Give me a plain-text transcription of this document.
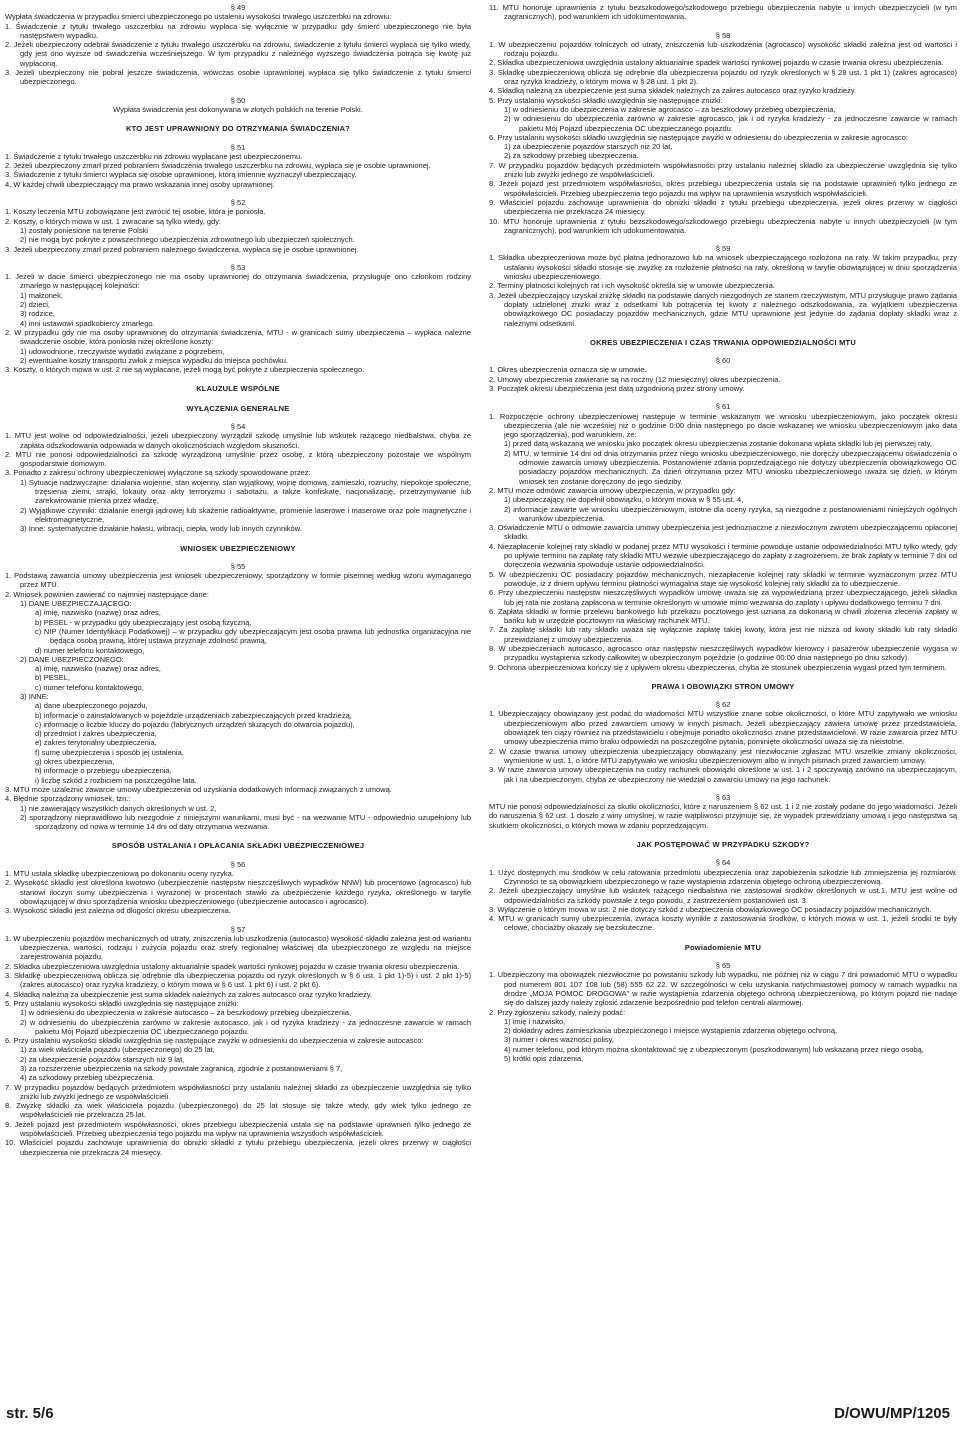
§ 49
Wypłata świadczenia w przypadku śmierci ubezpieczonego po ustaleniu wysokości trwałego uszczerbku na zdrowiu:
1. Świadczenie z tytułu trwałego uszczerbku na zdrowiu wypłaca się wyłącznie w przypadku gdy śmierć ubezpieczonego nie była następstwem wypadku.
2. Jeżeli ubezpieczony odebrał świadczenie z tytułu trwałego uszczerbku na zdrowiu, świadczenie z tytułu śmierci wypłaca się tylko wtedy, gdy jest ono wyższe od świadczenia wcześniejszego. W tym przypadku z należnego wyższego świadczenia potrąca się kwotę już wypłaconą.
3. Jeżeli ubezpieczony nie pobrał jeszcze świadczenia, wówczas osobie uprawnionej wypłaca się tylko świadczenie z tytułu śmierci ubezpieczonego.
§ 50
Wypłata świadczenia jest dokonywana w złotych polskich na terenie Polski.
KTO JEST UPRAWNIONY DO OTRZYMANIA ŚWIADCZENIA?
§ 51
1. Świadczenie z tytułu trwałego uszczerbku na zdrowiu wypłacane jest ubezpieczonemu.
2. Jeżeli ubezpieczony zmarł przed pobraniem świadczenia trwałego uszczerbku na zdrowiu, wypłaca się je osobie uprawnionej.
3. Świadczenie z tytułu śmierci wypłaca się osobie uprawnionej, którą imiennie wyznaczył ubezpieczający.
4. W każdej chwili ubezpieczający ma prawo wskazania innej osoby uprawnionej.
§ 52
1. Koszty leczenia MTU zobowiązane jest zwrócić tej osobie, która je poniosła.
2. Koszty, o których mowa w ust. 1 zwracane są tylko wtedy, gdy:
1) zostały poniesione na terenie Polski
2) nie mogą być pokryte z powszechnego ubezpieczenia zdrowotnego lub ubezpieczeń społecznych.
3. Jeżeli ubezpieczony zmarł przed pobraniem należnego świadczenia, wypłaca się je osobie uprawnionej.
§ 53
1. Jeżeli w dacie śmierci ubezpieczonego nie ma osoby uprawnionej do otrzymania świadczenia, przysługuje ono członkom rodziny zmarłego w następującej kolejności:
1) małżonek,
2) dzieci,
3) rodzice,
4) inni ustawowi spadkobiercy zmarłego.
2. W przypadku gdy nie ma osoby uprawnionej do otrzymania świadczenia, MTU - w granicach sumy ubezpieczenia – wypłaca należne świadczenie osobie, która poniosła niżej określone koszty:
1) udowodnione, rzeczywiste wydatki związane z pogrzebem,
2) ewentualne koszty transportu zwłok z miejsca wypadku do miejsca pochówku.
3. Koszty, o których mowa w ust. 2 nie są wypłacane, jeżeli mogą być pokryte z ubezpieczenia społecznego.
KLAUZULE WSPÓLNE
WYŁĄCZENIA GENERALNE
§ 54
1. MTU jest wolne od odpowiedzialności, jeżeli ubezpieczony wyrządził szkodę umyślnie lub wskutek rażącego niedbalstwa, chyba że zapłata odszkodowania odpowiada w danych okolicznościach względom słuszności.
2. MTU nie ponosi odpowiedzialności za szkodę wyrządzoną umyślnie przez osobę, z którą ubezpieczony pozostaje we wspólnym gospodarstwie domowym.
3. Ponadto z zakresu ochrony ubezpieczeniowej wyłączone są szkody spowodowane przez:
1) Sytuacje nadzwyczajne: działania wojenne, stan wojenny, stan wyjątkowy, wojnę domową, zamieszki, rozruchy, niepokoje społeczne, trzęsienia ziemi, strajki, lokauty oraz akty terroryzmu i sabotażu, a także konfiskatę, nacjonalizację, przetrzymywanie lub zarekwirowanie mienia przez władzę,
2) Wyjątkowe czynniki: działanie energii jądrowej lub skażenie radioaktywne, promienie laserowe i maserowe oraz pole magnetyczne i elektromagnetyczne,
3) Inne: systematyczne działanie hałasu, wibracji, ciepła, wody lub innych czynników.
WNIOSEK UBEZPIECZENIOWY
§ 55
1. Podstawą zawarcia umowy ubezpieczenia jest wniosek ubezpieczeniowy, sporządzony w formie pisemnej według wzoru wymaganego przez MTU.
2. Wniosek powinien zawierać co najmniej następujące dane:
1) DANE UBEZPIECZAJĄCEGO:
a) imię, nazwisko (nazwę) oraz adres,
b) PESEL - w przypadku gdy ubezpieczający jest osobą fizyczną,
c) NIP (Numer Identyfikacji Podatkowej) – w przypadku gdy ubezpieczającym jest osoba prawna lub jednostka organizacyjna nie będąca osobą prawną, której ustawa przyznaje zdolność prawną,
d) numer telefonu kontaktowego,
2) DANE UBEZPIECZONEGO:
a) imię, nazwisko (nazwę) oraz adres,
b) PESEL,
c) numer telefonu kontaktowego,
3) INNE:
a) dane ubezpieczonego pojazdu,
b) informacje o zainstalowanych w pojeździe urządzeniach zabezpieczających przed kradzieżą,
c) informację o liczbie kluczy do pojazdu (fabrycznych urządzeń służących do otwarcia pojazdu),
d) przedmiot i zakres ubezpieczenia,
e) zakres terytorialny ubezpieczenia,
f) sumę ubezpieczenia i sposób jej ustalenia,
g) okres ubezpieczenia,
h) informacje o przebiegu ubezpieczenia,
i) liczbę szkód z rozbiciem na poszczególne lata.
3. MTU może uzależnić zawarcie umowy ubezpieczenia od uzyskania dodatkowych informacji związanych z umową.
4. Błędnie sporządzony wniosek, tzn.:
1) nie zawierający wszystkich danych określonych w ust. 2,
2) sporządzony nieprawidłowo lub niezgodnie z niniejszymi warunkami, musi być - na wezwanie MTU - odpowiednio uzupełniony lub sporządzony od nowa w terminie 14 dni od daty otrzymania wezwania.
SPOSÓB USTALANIA I OPŁACANIA SKŁADKI UBEZPIECZENIOWEJ
§ 56
1. MTU ustala składkę ubezpieczeniową po dokonaniu oceny ryzyka.
2. Wysokość składki jest określona kwotowo (ubezpieczenie następstw nieszczęśliwych wypadków NNW) lub procentowo (agrocasco) lub stanowi iloczyn sumy ubezpieczenia i wyrażonej w procentach stawki za ubezpieczenie każdego ryzyka, określonego w taryfie obowiązującej w dniu sporządzenia wniosku ubezpieczeniowego (ubezpieczenie autocasco i agrocasco).
3. Wysokość składki jest zależna od długości okresu ubezpieczenia.
§ 57
1. W ubezpieczeniu pojazdów mechanicznych od utraty, zniszczenia lub uszkodzenia (autocasco) wysokość składki zależna jest od wariantu ubezpieczenia, wartości, rodzaju i zużycia pojazdu oraz strefy regionalnej właściwej dla ubezpieczonego ze względu na miejsce zarejestrowania pojazdu.
2. Składka ubezpieczeniowa uwzględnia ustalony aktuarialnie spadek wartości rynkowej pojazdu w czasie trwania okresu ubezpieczenia.
3. Składkę ubezpieczeniową oblicza się odrębnie dla ubezpieczenia pojazdu od ryzyk określonych w § 6 ust. 1 pkt 1)-5) i ust. 2 pkt 1)-5) (zakres autocasco) oraz ryzyka kradzieży, o którym mowa w § 6 ust. 1 pkt 6) i ust. 2 pkt 6).
4. Składką należną za ubezpieczenie jest suma składek należnych za zakres autocasco oraz ryzyko kradzieży.
5. Przy ustalaniu wysokości składki uwzględnia się następujące zniżki:
1) w odniesieniu do ubezpieczenia w zakresie autocasco – za beszkodowy przebieg ubezpieczenia,
2) w odniesieniu do ubezpieczenia zarówno w zakresie autocasco, jak i od ryzyka kradzieży - za jednoczesne zawarcie w ramach pakietu Mój Pojazd ubezpieczenia OC ubezpieczanego pojazdu.
6. Przy ustalaniu wysokości składki uwzględnia się następujące zwyżki w odniesieniu do ubezpieczenia w zakresie autocasco:
1) za wiek właściciela pojazdu (ubezpieczonego) do 25 lat,
2) za ubezpieczenie pojazdów starszych niż 9 lat,
3) za rozszerzenie ubezpieczenia na szkody powstałe zagranicą, zgodnie z postanowieniami § 7,
4) za szkodowy przebieg ubezpieczenia.
7. W przypadku pojazdów będących przedmiotem współwłasności przy ustalaniu należnej składki za ubezpieczenie uwzględnia się tylko zniżki lub zwyżki jednego ze współwłaścicieli.
8. Zwyżkę składki za wiek właściciela pojazdu (ubezpieczonego) do 25 lat stosuje się także wtedy, gdy wiek tylko jednego ze współwłaścicieli nie przekracza 25 lat.
9. Jeżeli pojazd jest przedmiotem współwłasności, okres przebiegu ubezpieczenia ustala się na podstawie uprawnień tylko jednego ze współwłaścicieli. Przebieg ubezpieczenia tego pojazdu ma wpływ na uprawnienia wszystkich współwłaścicieli.
10. Właściciel pojazdu zachowuje uprawnienia do obniżki składki z tytułu przebiegu ubezpieczenia, jeżeli okres przerwy w ciągłości ubezpieczenia nie przekracza 24 miesięcy.
11. MTU honoruje uprawnienia z tytułu bezszkodowego/szkodowego przebiegu ubezpieczenia nabyte u innych ubezpieczycieli (w tym zagranicznych), pod warunkiem ich udokumentowania.
§ 58
1. W ubezpieczeniu pojazdów rolniczych od utraty, zniszczenia lub uszkodzenia (agrocasco) wysokość składki zależna jest od wartości i rodzaju pojazdu.
2. Składka ubezpieczeniowa uwzględnia ustalony aktuarialnie spadek wartości rynkowej pojazdu w czasie trwania okresu ubezpieczenia.
3. Składkę ubezpieczeniową oblicza się odrębnie dla ubezpieczenia pojazdu od ryzyk określonych w § 28 ust. 1 pkt 1) (zakres agrocasco) oraz ryzyka kradzieży, o którym mowa w § 28 ust. 1 pkt 2).
4. Składką należną za ubezpieczenie jest suma składek należnych za zakres autocasco oraz ryzyko kradzieży.
5. Przy ustalaniu wysokości składki uwzględnia się następujące zniżki:
1) w odniesieniu do ubezpieczenia w zakresie agrocasco – za beszkodowy przebieg ubezpieczenia,
2) w odniesieniu do ubezpieczenia zarówno w zakresie agrocasco, jak i od ryzyka kradzieży - za jednoczesne zawarcie w ramach pakietu Mój Pojazd ubezpieczenia OC ubezpieczanego pojazdu.
6. Przy ustalaniu wysokości składki uwzględnia się następujące zwyżki w odniesieniu do ubezpieczenia w zakresie agrocasco:
1) za ubezpieczenie pojazdów starszych niż 20 lat,
2) za szkodowy przebieg ubezpieczenia.
7. W przypadku pojazdów będących przedmiotem współwłasności przy ustalaniu należnej składki za ubezpieczenie uwzględnia się tylko zniżki lub zwyżki jednego ze współwłaścicieli.
8. Jeżeli pojazd jest przedmiotem współwłasności, okres przebiegu ubezpieczenia ustala się na podstawie uprawnień tylko jednego ze współwłaścicieli. Przebieg ubezpieczenia tego pojazdu ma wpływ na uprawnienia wszystkich współwłaścicieli.
9. Właściciel pojazdu zachowuje uprawnienia do obniżki składki z tytułu przebiegu ubezpieczenia, jeżeli okres przerwy w ciągłości ubezpieczenia nie przekracza 24 miesięcy.
10. MTU honoruje uprawnienia z tytułu bezszkodowego/szkodowego przebiegu ubezpieczenia nabyte u innych ubezpieczycieli (w tym zagranicznych), pod warunkiem ich udokumentowania.
§ 59
1. Składka ubezpieczeniowa może być płatna jednorazowo lub na wniosek ubezpieczającego rozłożona na raty. W takim przypadku, przy ustalaniu wysokości składki stosuje się zwyżkę za rozłożenie płatności na raty, określoną w taryfie obowiązującej w dniu sporządzenia wniosku ubezpieczeniowego.
2. Terminy płatności kolejnych rat i ich wysokość określa się w umowie ubezpieczenia.
3. Jeżeli ubezpieczający uzyskał zniżkę składki na podstawie danych niezgodnych ze stanem rzeczywistym, MTU przysługuje prawo żądania dopłaty udzielonej zniżki wraz z odsetkami lub potrącenia tej kwoty z należnego odszkodowania, za wyjątkiem ubezpieczenia obowiązkowego OC posiadaczy pojazdów mechanicznych, gdzie MTU uprawnione jest jedynie do żądania dopłaty składki wraz z należnymi odsetkami.
OKRES UBEZPIECZENIA I CZAS TRWANIA ODPOWIEDZIALNOŚCI MTU
§ 60
1. Okres ubezpieczenia oznacza się w umowie.
2. Umowy ubezpieczenia zawierane są na roczny (12 miesięczny) okres ubezpieczenia.
3. Początek okresu ubezpieczenia jest datą uzgodnioną przez strony umowy.
§ 61
1. Rozpoczęcie ochrony ubezpieczeniowej następuje w terminie wskazanym we wniosku ubezpieczeniowym, jako początek okresu ubezpieczenia (ale nie wcześniej niż o godzinie 0:00 dnia następnego po dacie wskazanej we wniosku ubezpieczeniowym jako data jego sporządzenia), pod warunkiem, że:
1) przed datą wskazaną we wniosku jako początek okresu ubezpieczenia zostanie dokonana wpłata składki lub jej pierwszej raty,
2) MTU, w terminie 14 dni od dnia otrzymania przez niego wniosku ubezpieczeniowego, nie doręczy ubezpieczającemu oświadczenia o odmowie zawarcia umowy ubezpieczenia. Postanowienie zdania poprzedzającego nie dotyczy ubezpieczenia obowiązkowego OC posiadaczy pojazdów mechanicznych. Za dzień otrzymania przez MTU wniosku ubezpieczeniowego uważa się dzień, w którym wniosek ten zostanie doręczony do jego siedziby.
2. MTU może odmówić zawarcia umowy ubezpieczenia, w przypadku gdy:
1) ubezpieczający nie dopełnił obowiązku, o którym mowa w § 55 ust. 4,
2) informacje zawarte we wniosku ubezpieczeniowym, istotne dla oceny ryzyka, są niezgodne z postanowieniami niniejszych ogólnych warunków ubezpieczenia.
3. Oświadczenie MTU o odmowie zawarcia umowy ubezpieczenia jest jednoznaczne z niezwłocznym zwrotem ubezpieczającemu opłaconej składki.
4. Niezapłacenie kolejnej raty składki w podanej przez MTU wysokości i terminie powoduje ustanie odpowiedzialności MTU tylko wtedy, gdy po upływie terminu na zapłatę raty składki MTU wezwie ubezpieczającego do zapłaty z zagrożeniem, że brak zapłaty w terminie 7 dni od doręczenia wezwania spowoduje ustanie odpowiedzialności.
5. W ubezpieczeniu OC posiadaczy pojazdów mechanicznych, niezapłacenie kolejnej raty składki w terminie wyznaczonym przez MTU powoduje, iż z dniem upływu terminu płatności wymagalna staje się wysokość kolejnej raty składki za to ubezpieczenie.
6. Przy ubezpieczeniu następstw nieszczęśliwych wypadków umowę uważa się za wypowiedzianą przez ubezpieczającego, jeżeli składka lub jej rata nie zostaną zapłacona w terminie określonym w umowie mimo wezwania do zapłaty i upływu dodatkowego terminu 7 dni.
6. Zapłata składki w formie przelewu bankowego lub przekazu pocztowego jest uznana za dokonaną w chwili złożenia zlecenia zapłaty w banku lub w urzędzie pocztowym na właściwy rachunek MTU.
7. Za zapłatę składki lub raty składki uważa się wyłącznie zapłatę takiej kwoty, która jest nie niższa od kwoty składki lub raty składki przewidzianej z umowy ubezpieczenia.
8. W ubezpieczeniach autocasco, agrocasco oraz następstw nieszczęśliwych wypadków kierowcy i pasażerów ubezpieczenie wygasa w przypadku wystąpienia szkody całkowitej w ubezpieczonym pojeździe (o godzinie 00:00 dnia następnego po dniu szkody).
9. Ochrona ubezpieczeniowa kończy się z upływem okresu ubezpieczenia, chyba że stosunek ubezpieczenia wygasł przed tym terminem.
PRAWA I OBOWIĄZKI STRON UMOWY
§ 62
1. Ubezpieczający obowiązany jest podać do wiadomości MTU wszystkie znane sobie okoliczności, o które MTU zapytywało we wniosku ubezpieczeniowym albo przed zawarciem umowy w innych pismach. Jeżeli ubezpieczający zawiera umowę przez przedstawiciela, obowiązek ten ciąży również na przedstawicielu i obejmuje ponadto okoliczności znane przedstawicielowi. W razie zawarcia przez MTU umowy ubezpieczenia mimo braku odpowiedzi na poszczególne pytania, pominięte okoliczności uważa się za nieistotne.
2. W czasie trwania umowy ubezpieczenia ubezpieczający obowiązany jest niezwłocznie zgłaszać MTU wszelkie zmiany okoliczności, wymienione w ust. 1, o które MTU zapytywało we wniosku ubezpieczeniowym albo w innych pismach przed zawarciem umowy.
3. W razie zawarcia umowy ubezpieczenia na cudzy rachunek obowiązki określone w ust. 1 i 2 spoczywają zarówno na ubezpieczającym, jak i na ubezpieczonym, chyba że ubezpieczony nie wiedział o zawarciu umowy na jego rachunek.
§ 63
MTU nie ponosi odpowiedzialności za skutki okoliczności, które z naruszeniem § 62 ust. 1 i 2 nie zostały podane do jego wiadomości. Jeżeli do naruszenia § 62 ust. 1 doszło z winy umyślnej, w razie wątpliwości przyjmuje się, że wypadek przewidziany umową i jego następstwa są skutkiem okoliczności, o których mowa w zdaniu poprzedzającym.
JAK POSTĘPOWAĆ W PRZYPADKU SZKODY?
§ 64
1. Użyć dostępnych mu środków w celu ratowania przedmiotu ubezpieczenia oraz zapobieżenia szkodzie lub zmniejszenia jej rozmiarów. Czynności te są obowiązkiem ubezpieczonego w razie wystąpienia zdarzenia objętego ochroną ubezpieczeniową.
2. Jeżeli ubezpieczający umyślnie lub wskutek rażącego niedbalstwa nie zastosował środków określonych w ust.1, MTU jest wolne od odpowiedzialności za szkody powstałe z tego powodu, z zastrzeżeniem postanowień ust. 3.
3. Wyłączenie o którym mowa w ust. 2 nie dotyczy szkód z ubezpieczenia obowiązkowego OC posiadaczy pojazdów mechanicznych.
4. MTU w granicach sumy ubezpieczenia, zwraca koszty wynikłe z zastosowania środków, o których mowa w ust. 1, jeżeli środki te były celowe, chociażby okazały się bezskuteczne.
Powiadomienie MTU
§ 65
1. Ubezpieczony ma obowiązek niezwłocznie po powstaniu szkody lub wypadku, nie później niż w ciągu 7 dni powiadomić MTU o wypadku pod numerem 801 107 108 lub (58) 555 62 22. W szczególności w celu uzyskania natychmiastowej pomocy w ramach wypadku na drodze „MOJA POMOC DROGOWA" w razie wystąpienia zdarzenia objętego ochroną ubezpieczeniową, po którym pojazd nie nadaje się do dalszej jazdy należy zgłosić zdarzenie bezpośrednio pod telefon centrali alarmowej.
2. Przy zgłoszeniu szkody, należy podać:
1) imię i nazwisko,
2) dokładny adres zamieszkania ubezpieczonego i miejsce wystąpienia zdarzenia objętego ochroną,
3) numer i okres ważności polisy,
4) numer telefonu, pod którym można skontaktować się z ubezpieczonym (poszkodowanym) lub wskazaną przez niego osobą,
5) krótki opis zdarzenia,
str. 5/6	D/OWU/MP/1205
